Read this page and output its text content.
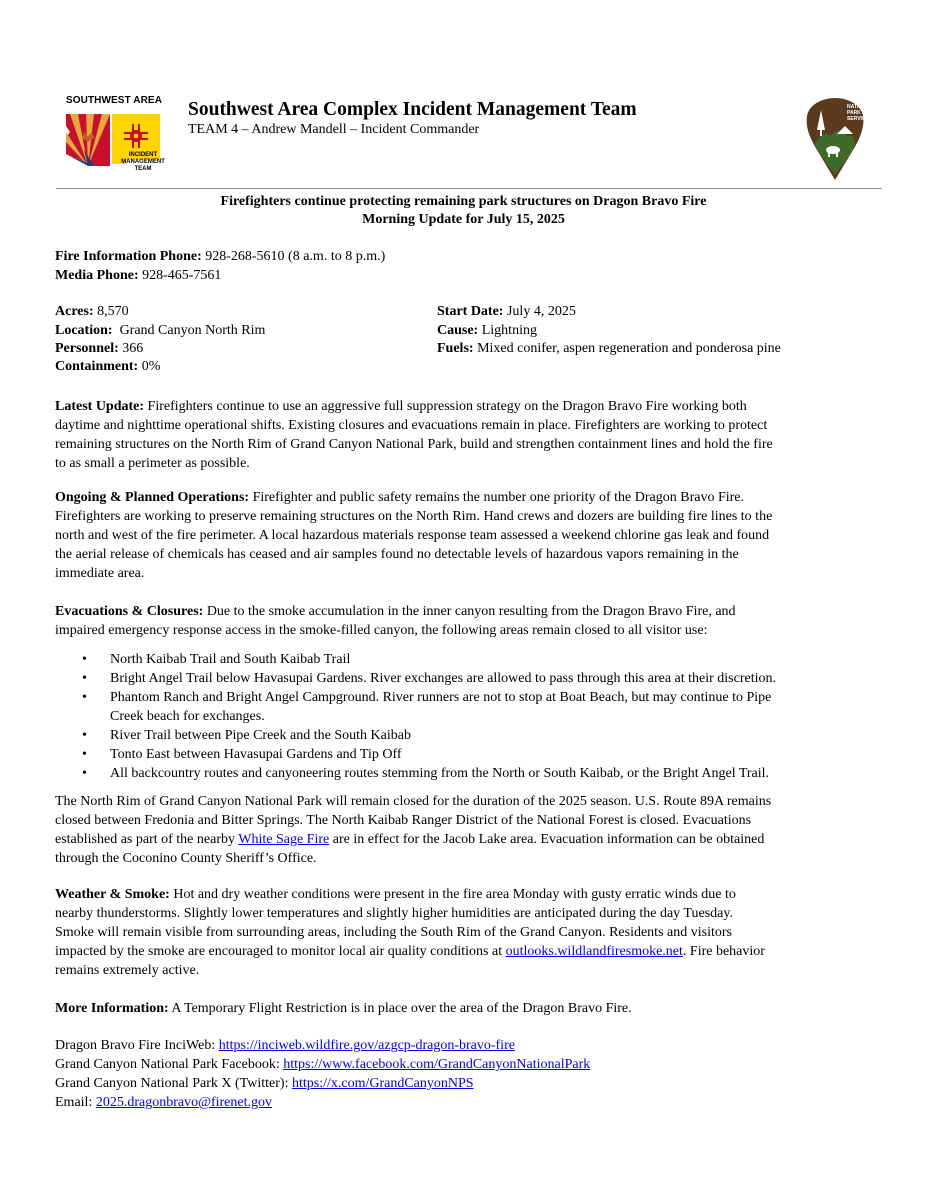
SOUTHWEST AREA
INCIDENT
MANAGEMENT
TEAM
Southwest Area Complex Incident Management Team
TEAM 4 – Andrew Mandell – Incident Commander
NATIONAL
PARK
SERVICE
Firefighters continue protecting remaining park structures on Dragon Bravo Fire
Morning Update for July 15, 2025
Fire Information Phone: 928-268-5610 (8 a.m. to 8 p.m.)
Media Phone: 928-465-7561
Acres: 8,570
Location:  Grand Canyon North Rim
Personnel: 366
Containment: 0%
Start Date: July 4, 2025
Cause: Lightning
Fuels: Mixed conifer, aspen regeneration and ponderosa pine
Latest Update: Firefighters continue to use an aggressive full suppression strategy on the Dragon Bravo Fire working both
daytime and nighttime operational shifts. Existing closures and evacuations remain in place. Firefighters are working to protect
remaining structures on the North Rim of Grand Canyon National Park, build and strengthen containment lines and hold the fire
to as small a perimeter as possible.
Ongoing & Planned Operations: Firefighter and public safety remains the number one priority of the Dragon Bravo Fire.
Firefighters are working to preserve remaining structures on the North Rim. Hand crews and dozers are building fire lines to the
north and west of the fire perimeter. A local hazardous materials response team assessed a weekend chlorine gas leak and found
the aerial release of chemicals has ceased and air samples found no detectable levels of hazardous vapors remaining in the
immediate area.
Evacuations & Closures: Due to the smoke accumulation in the inner canyon resulting from the Dragon Bravo Fire, and
impaired emergency response access in the smoke-filled canyon, the following areas remain closed to all visitor use:
• North Kaibab Trail and South Kaibab Trail
• Bright Angel Trail below Havasupai Gardens. River exchanges are allowed to pass through this area at their discretion.
• Phantom Ranch and Bright Angel Campground. River runners are not to stop at Boat Beach, but may continue to Pipe
Creek beach for exchanges.
• River Trail between Pipe Creek and the South Kaibab
• Tonto East between Havasupai Gardens and Tip Off
• All backcountry routes and canyoneering routes stemming from the North or South Kaibab, or the Bright Angel Trail.
The North Rim of Grand Canyon National Park will remain closed for the duration of the 2025 season. U.S. Route 89A remains
closed between Fredonia and Bitter Springs. The North Kaibab Ranger District of the National Forest is closed. Evacuations
established as part of the nearby White Sage Fire are in effect for the Jacob Lake area. Evacuation information can be obtained
through the Coconino County Sheriff’s Office.
Weather & Smoke: Hot and dry weather conditions were present in the fire area Monday with gusty erratic winds due to
nearby thunderstorms. Slightly lower temperatures and slightly higher humidities are anticipated during the day Tuesday.
Smoke will remain visible from surrounding areas, including the South Rim of the Grand Canyon. Residents and visitors
impacted by the smoke are encouraged to monitor local air quality conditions at outlooks.wildlandfiresmoke.net. Fire behavior
remains extremely active.
More Information: A Temporary Flight Restriction is in place over the area of the Dragon Bravo Fire.
Dragon Bravo Fire InciWeb: https://inciweb.wildfire.gov/azgcp-dragon-bravo-fire
Grand Canyon National Park Facebook: https://www.facebook.com/GrandCanyonNationalPark
Grand Canyon National Park X (Twitter): https://x.com/GrandCanyonNPS
Email: 2025.dragonbravo@firenet.gov
